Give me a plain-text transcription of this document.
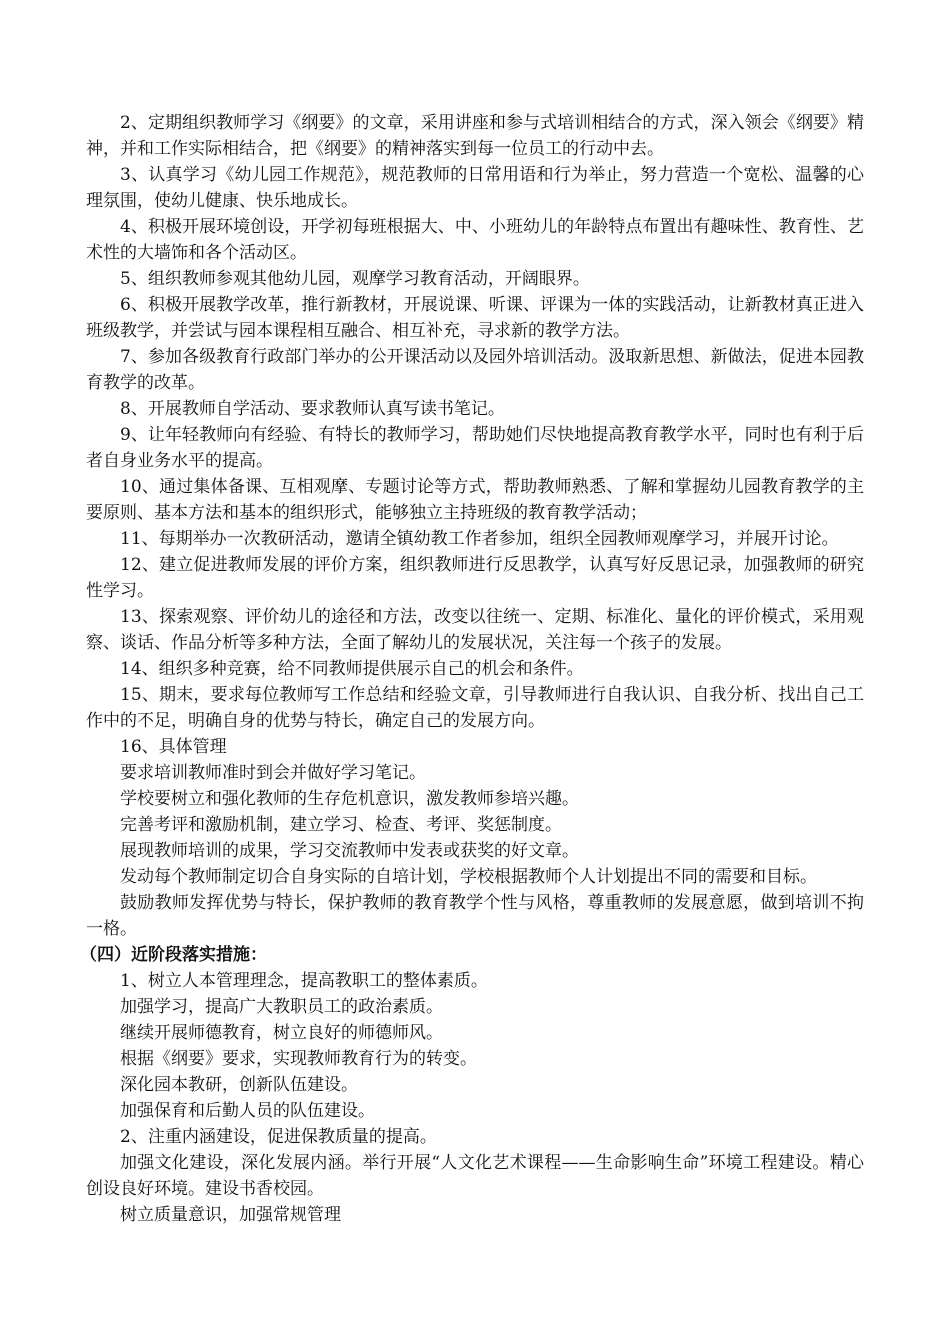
2、定期组织教师学习《纲要》的文章，采用讲座和参与式培训相结合的方式，深入领会《纲要》精神，并和工作实际相结合，把《纲要》的精神落实到每一位员工的行动中去。

3、认真学习《幼儿园工作规范》，规范教师的日常用语和行为举止，努力营造一个宽松、温馨的心理氛围，使幼儿健康、快乐地成长。

4、积极开展环境创设，开学初每班根据大、中、小班幼儿的年龄特点布置出有趣味性、教育性、艺术性的大墙饰和各个活动区。

5、组织教师参观其他幼儿园，观摩学习教育活动，开阔眼界。

6、积极开展教学改革，推行新教材，开展说课、听课、评课为一体的实践活动，让新教材真正进入班级教学，并尝试与园本课程相互融合、相互补充，寻求新的教学方法。

7、参加各级教育行政部门举办的公开课活动以及园外培训活动。汲取新思想、新做法，促进本园教育教学的改革。

8、开展教师自学活动、要求教师认真写读书笔记。

9、让年轻教师向有经验、有特长的教师学习，帮助她们尽快地提高教育教学水平，同时也有利于后者自身业务水平的提高。

10、通过集体备课、互相观摩、专题讨论等方式，帮助教师熟悉、了解和掌握幼儿园教育教学的主要原则、基本方法和基本的组织形式，能够独立主持班级的教育教学活动；

11、每期举办一次教研活动，邀请全镇幼教工作者参加，组织全园教师观摩学习，并展开讨论。

12、建立促进教师发展的评价方案，组织教师进行反思教学，认真写好反思记录，加强教师的研究性学习。

13、探索观察、评价幼儿的途径和方法，改变以往统一、定期、标准化、量化的评价模式，采用观察、谈话、作品分析等多种方法，全面了解幼儿的发展状况，关注每一个孩子的发展。

14、组织多种竞赛，给不同教师提供展示自己的机会和条件。

15、期末，要求每位教师写工作总结和经验文章，引导教师进行自我认识、自我分析、找出自己工作中的不足，明确自身的优势与特长，确定自己的发展方向。

16、具体管理

要求培训教师准时到会并做好学习笔记。

学校要树立和强化教师的生存危机意识，激发教师参培兴趣。

完善考评和激励机制，建立学习、检查、考评、奖惩制度。

展现教师培训的成果，学习交流教师中发表或获奖的好文章。

发动每个教师制定切合自身实际的自培计划，学校根据教师个人计划提出不同的需要和目标。

鼓励教师发挥优势与特长，保护教师的教育教学个性与风格，尊重教师的发展意愿，做到培训不拘一格。

（四）近阶段落实措施：

1、树立人本管理理念，提高教职工的整体素质。

加强学习，提高广大教职员工的政治素质。

继续开展师德教育，树立良好的师德师风。

根据《纲要》要求，实现教师教育行为的转变。

深化园本教研，创新队伍建设。

加强保育和后勤人员的队伍建设。

2、注重内涵建设，促进保教质量的提高。

加强文化建设，深化发展内涵。举行开展“人文化艺术课程——生命影响生命”环境工程建设。精心创设良好环境。建设书香校园。

树立质量意识，加强常规管理
